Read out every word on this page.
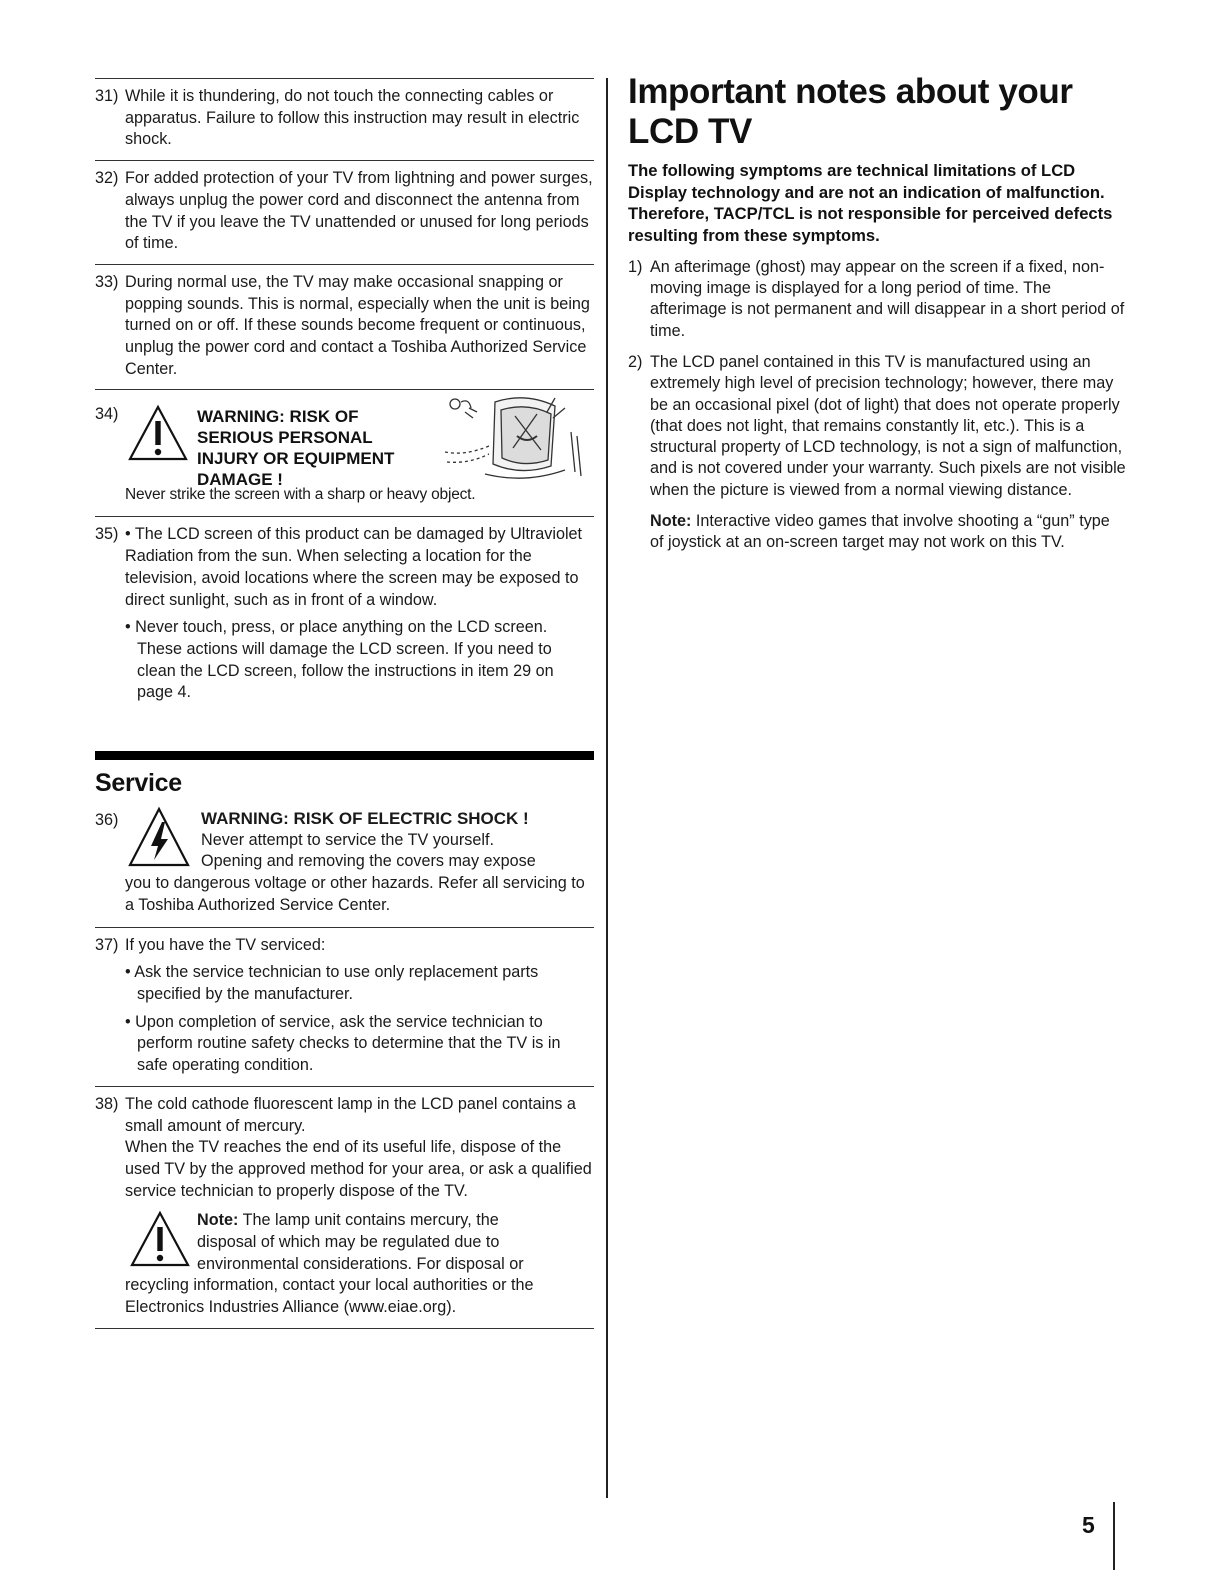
31) While it is thundering, do not touch the connecting cables or apparatus. Failure to follow this instruction may result in electric shock.
32) For added protection of your TV from lightning and power surges, always unplug the power cord and disconnect the antenna from the TV if you leave the TV unattended or unused for long periods of time.
33) During normal use, the TV may make occasional snapping or popping sounds. This is normal, especially when the unit is being turned on or off. If these sounds become frequent or continuous, unplug the power cord and contact a Toshiba Authorized Service Center.
34)	WARNING: RISK OF
SERIOUS PERSONAL
INJURY OR EQUIPMENT
DAMAGE !
Never strike the screen with a sharp or heavy object.
35) • The LCD screen of this product can be damaged by Ultraviolet Radiation from the sun. When selecting a location for the television, avoid locations where the screen may be exposed to direct sunlight, such as in front of a window.
• Never touch, press, or place anything on the LCD screen. These actions will damage the LCD screen. If you need to clean the LCD screen, follow the instructions in item 29 on page 4.
Service
36)	WARNING: RISK OF ELECTRIC SHOCK !
Never attempt to service the TV yourself.
Opening and removing the covers may expose
you to dangerous voltage or other hazards. Refer all servicing to a Toshiba Authorized Service Center.
37) If you have the TV serviced:
• Ask the service technician to use only replacement parts specified by the manufacturer.
• Upon completion of service, ask the service technician to perform routine safety checks to determine that the TV is in safe operating condition.
38) The cold cathode fluorescent lamp in the LCD panel contains a small amount of mercury.
When the TV reaches the end of its useful life, dispose of the used TV by the approved method for your area, or ask a qualified service technician to properly dispose of the TV.
Note: The lamp unit contains mercury, the
disposal of which may be regulated due to
environmental considerations. For disposal or
recycling information, contact your local authorities or the Electronics Industries Alliance (www.eiae.org).
Important notes about your LCD TV
The following symptoms are technical limitations of LCD Display technology and are not an indication of malfunction. Therefore, TACP/TCL is not responsible for perceived defects resulting from these symptoms.
1) An afterimage (ghost) may appear on the screen if a fixed, non-moving image is displayed for a long period of time. The afterimage is not permanent and will disappear in a short period of time.
2) The LCD panel contained in this TV is manufactured using an extremely high level of precision technology; however, there may be an occasional pixel (dot of light) that does not operate properly (that does not light, that remains constantly lit, etc.). This is a structural property of LCD technology, is not a sign of malfunction, and is not covered under your warranty. Such pixels are not visible when the picture is viewed from a normal viewing distance.
Note: Interactive video games that involve shooting a “gun” type of joystick at an on-screen target may not work on this TV.
5
